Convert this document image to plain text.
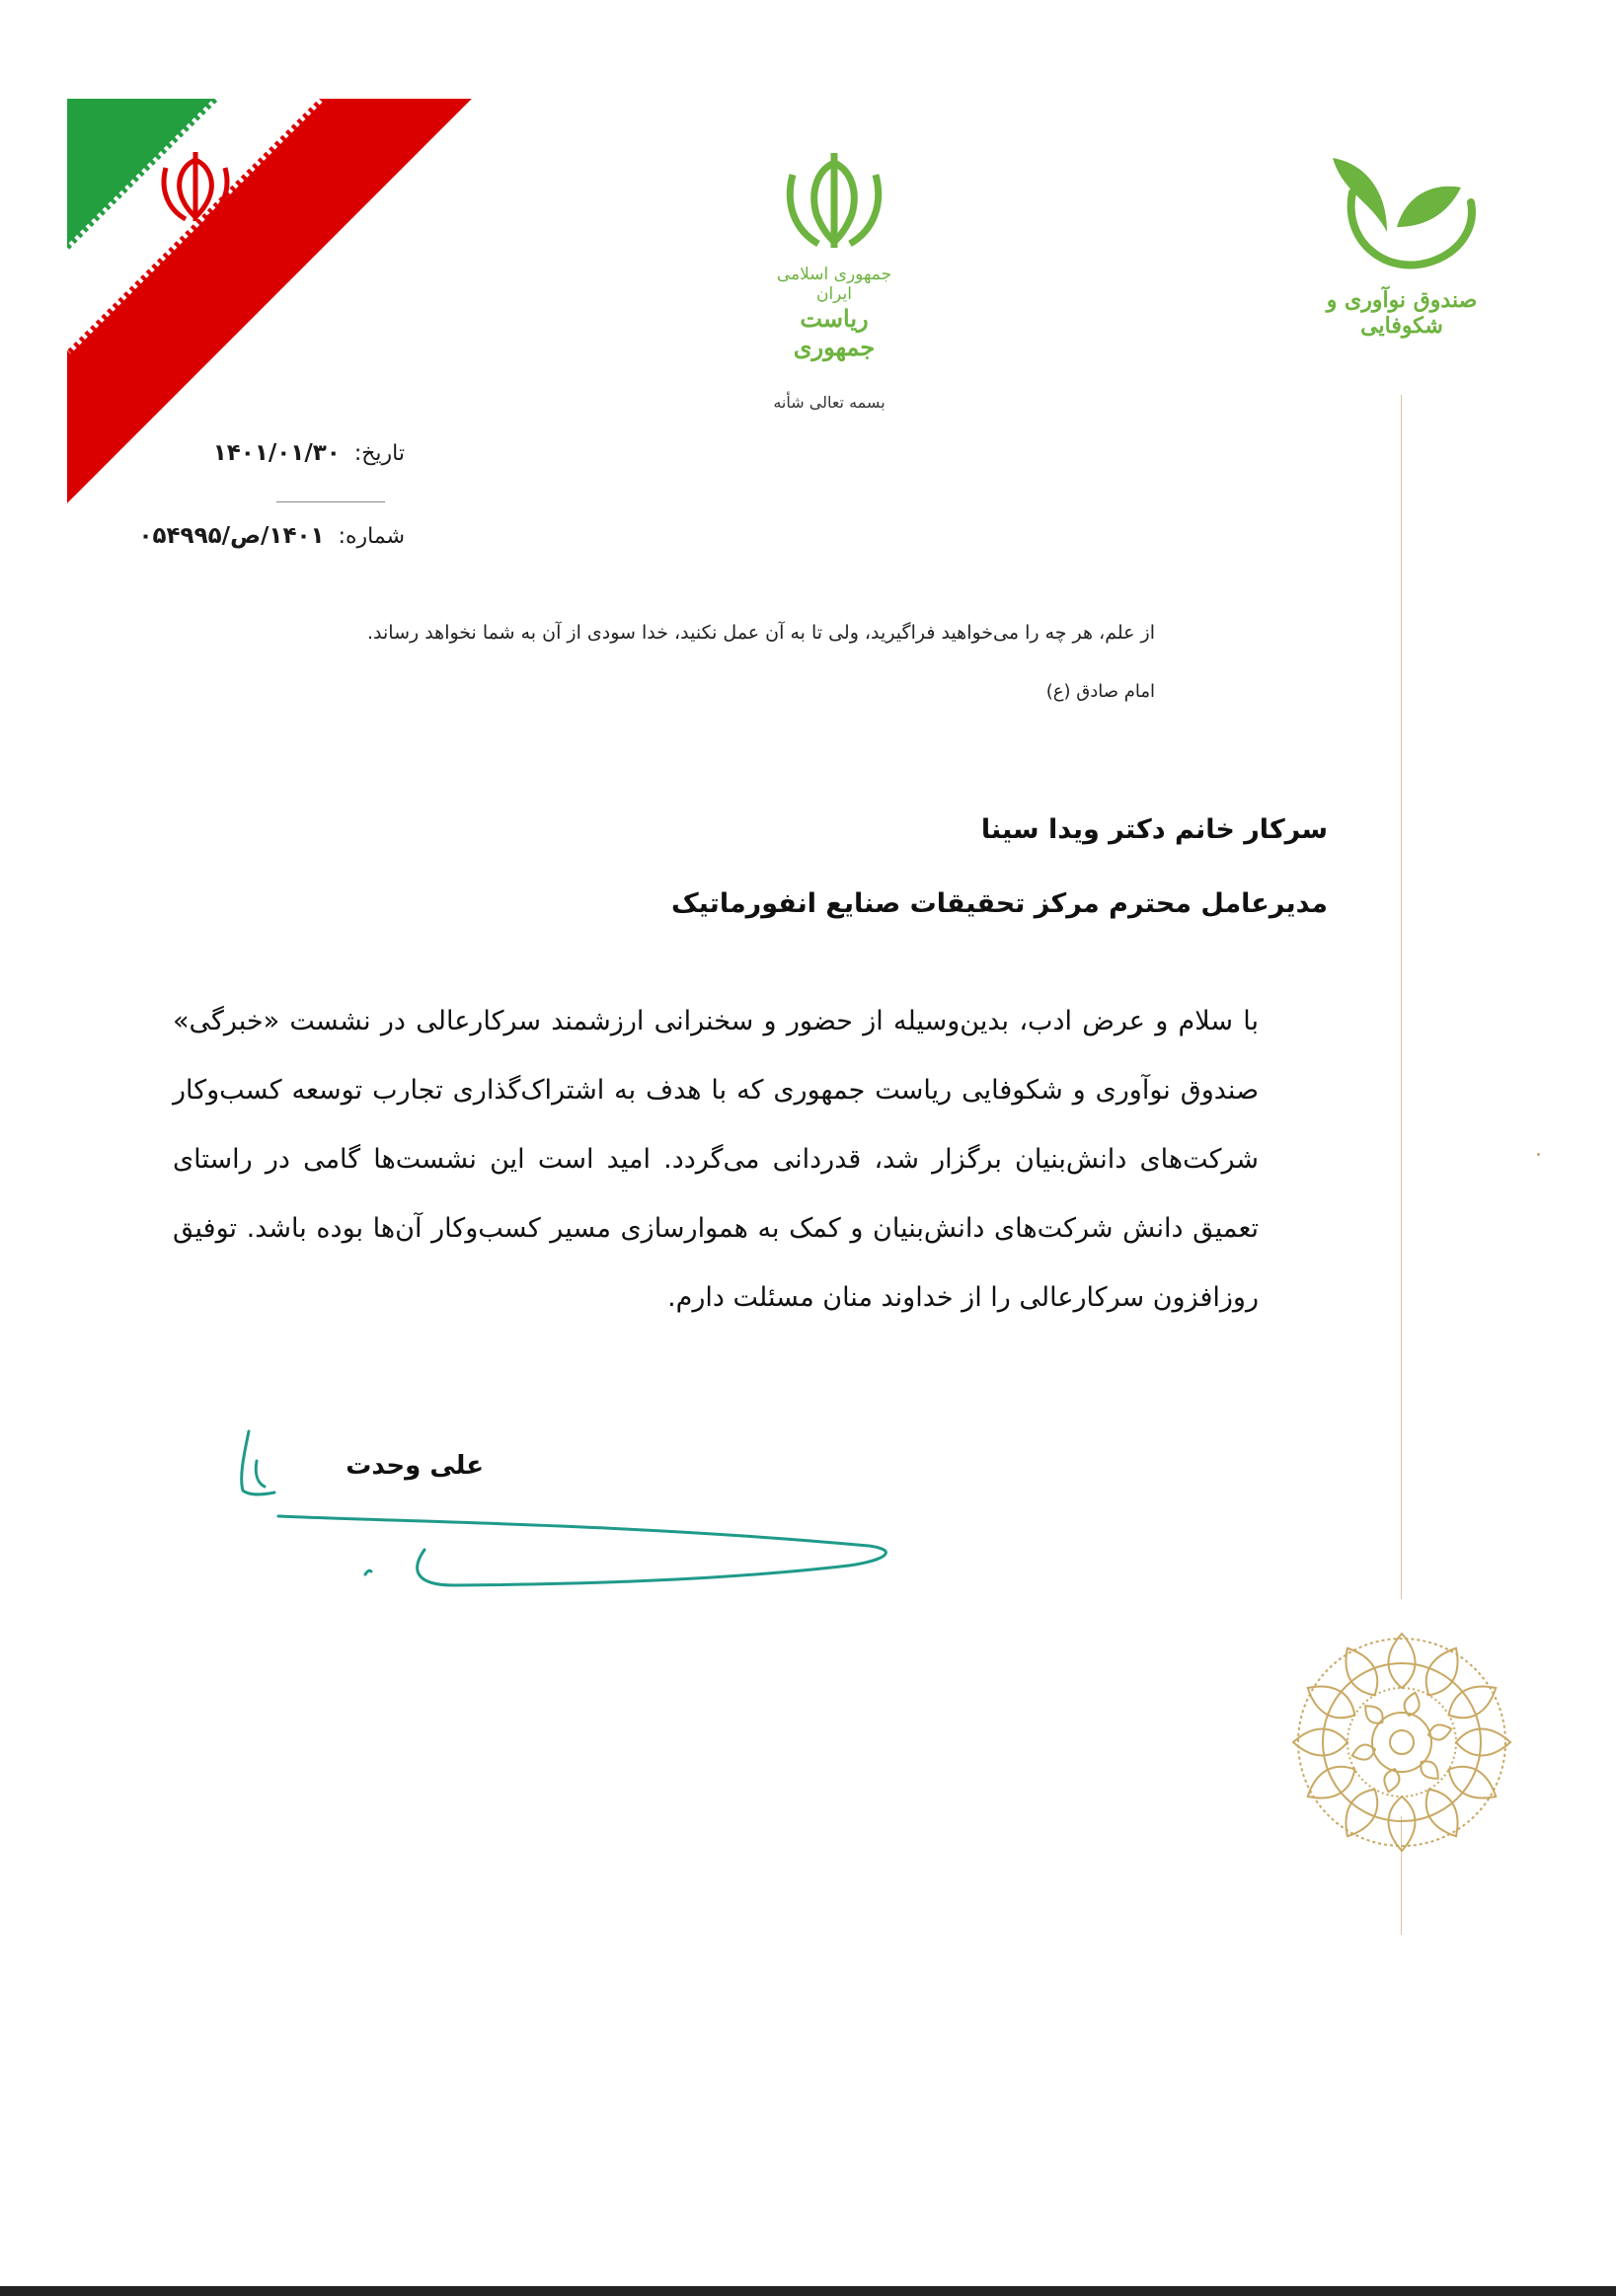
جمهوری اسلامی ایران
ریاست جمهوری
صندوق نوآوری و شکوفایی
بسمه تعالی شأنه
تاریخ:۱۴۰۱/۰۱/۳۰
شماره:۱۴۰۱/ص/۰۵۴۹۹۵
از علم، هر چه را می‌خواهید فراگیرید، ولی تا به آن عمل نکنید، خدا سودی از آن به شما نخواهد رساند.
امام صادق (ع)
سرکار خانم دکتر ویدا سینا
مدیرعامل محترم مرکز تحقیقات صنایع انفورماتیک
با سلام و عرض ادب، بدین‌وسیله از حضور و سخنرانی ارزشمند سرکارعالی در نشست «خبرگی» صندوق نوآوری و شکوفایی ریاست جمهوری که با هدف به اشتراک‌گذاری تجارب توسعه کسب‌وکار شرکت‌های دانش‌بنیان برگزار شد، قدردانی می‌گردد. امید است این نشست‌ها گامی در راستای تعمیق دانش شرکت‌های دانش‌بنیان و کمک به هموارسازی مسیر کسب‌وکار آن‌ها بوده باشد. توفیق روزافزون سرکارعالی را از خداوند منان مسئلت دارم.
علی وحدت
